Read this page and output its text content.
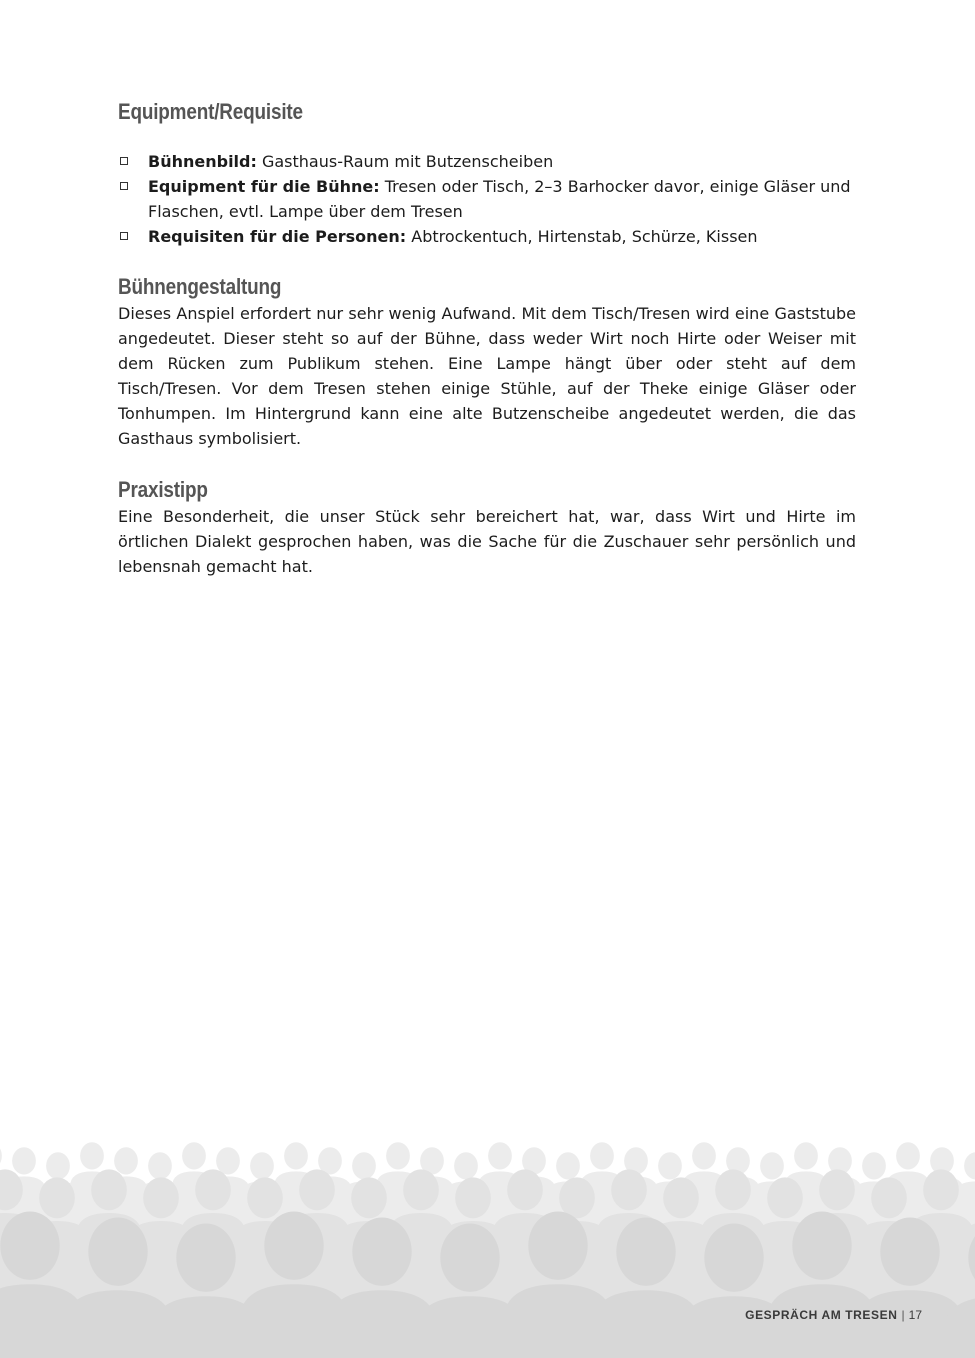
Equipment/Requisite
Bühnenbild: Gasthaus-Raum mit Butzenscheiben
Equipment für die Bühne: Tresen oder Tisch, 2–3 Barhocker davor, einige Gläser und Flaschen, evtl. Lampe über dem Tresen
Requisiten für die Personen: Abtrockentuch, Hirtenstab, Schürze, Kissen
Bühnengestaltung

Dieses Anspiel erfordert nur sehr wenig Aufwand. Mit dem Tisch/Tresen wird eine Gaststube angedeutet. Dieser steht so auf der Bühne, dass weder Wirt noch Hirte oder Weiser mit dem Rücken zum Publikum stehen. Eine Lampe hängt über oder steht auf dem Tisch/Tresen. Vor dem Tresen stehen einige Stühle, auf der Theke einige Gläser oder Tonhumpen. Im Hintergrund kann eine alte Butzenscheibe angedeutet werden, die das Gasthaus symbolisiert.

Praxistipp

Eine Besonderheit, die unser Stück sehr bereichert hat, war, dass Wirt und Hirte im örtlichen Dialekt gesprochen haben, was die Sache für die Zuschauer sehr persönlich und lebensnah gemacht hat.

GESPRÄCH AM TRESEN | 17
